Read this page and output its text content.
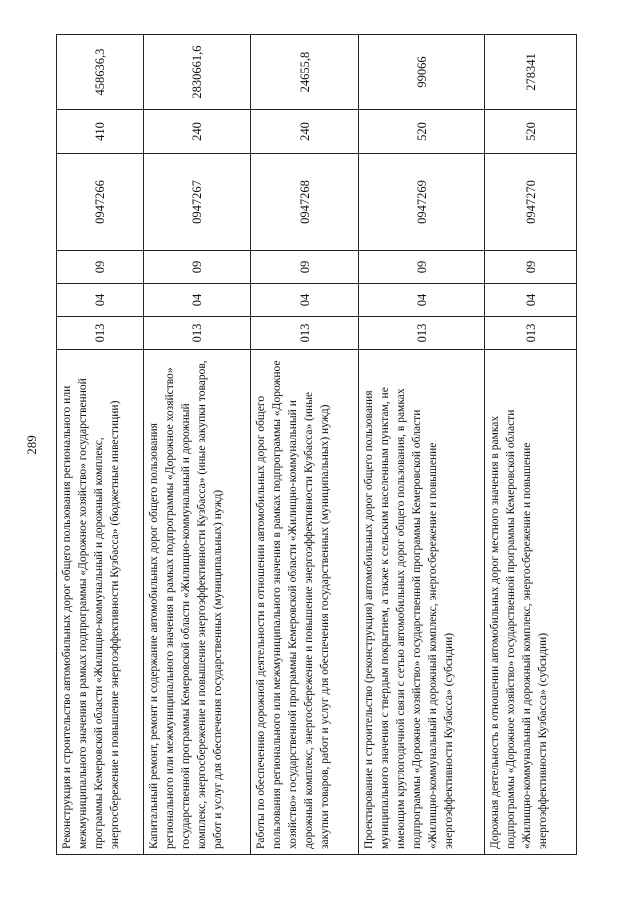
289 Реконструкция и строительство автомобильных дорог общего пользования регионального или межмуниципального значения в рамках подпрограммы «Дорожное хозяйство» государственной программы Кемеровской области «Жилищно-коммунальный и дорожный комплекс, энергосбережение и повышение энергоэффективности Кузбасса» (бюджетные инвестиции)	013	04	09	0947266	410	458636,3
Капитальный ремонт, ремонт и содержание автомобильных дорог общего пользования регионального или межмуниципального значения в рамках подпрограммы «Дорожное хозяйство» государственной программы Кемеровской области «Жилищно-коммунальный и дорожный комплекс, энергосбережение и повышение энергоэффективности Кузбасса» (иные закупки товаров, работ и услуг для обеспечения государственных (муниципальных) нужд)	013	04	09	0947267	240	2830661,6
Работы по обеспечению дорожной деятельности в отношении автомобильных дорог общего пользования регионального или межмуниципального значения в рамках подпрограммы «Дорожное хозяйство» государственной программы Кемеровской области «Жилищно-коммунальный и дорожный комплекс, энергосбережение и повышение энергоэффективности Кузбасса» (иные закупки товаров, работ и услуг для обеспечения государственных (муниципальных) нужд)	013	04	09	0947268	240	24655,8
Проектирование и строительство (реконструкция) автомобильных дорог общего пользования муниципального значения с твердым покрытием, а также к сельским населенным пунктам, не имеющим круглогодичной связи с сетью автомобильных дорог общего пользования, в рамках подпрограммы «Дорожное хозяйство» государственной программы Кемеровской области «Жилищно-коммунальный и дорожный комплекс, энергосбережение и повышение энергоэффективности Кузбасса» (субсидии)	013	04	09	0947269	520	99066
Дорожная деятельность в отношении автомобильных дорог местного значения в рамках подпрограммы «Дорожное хозяйство» государственной программы Кемеровской области «Жилищно-коммунальный и дорожный комплекс, энергосбережение и повышение энергоэффективности Кузбасса» (субсидии)	013	04	09	0947270	520	278341
